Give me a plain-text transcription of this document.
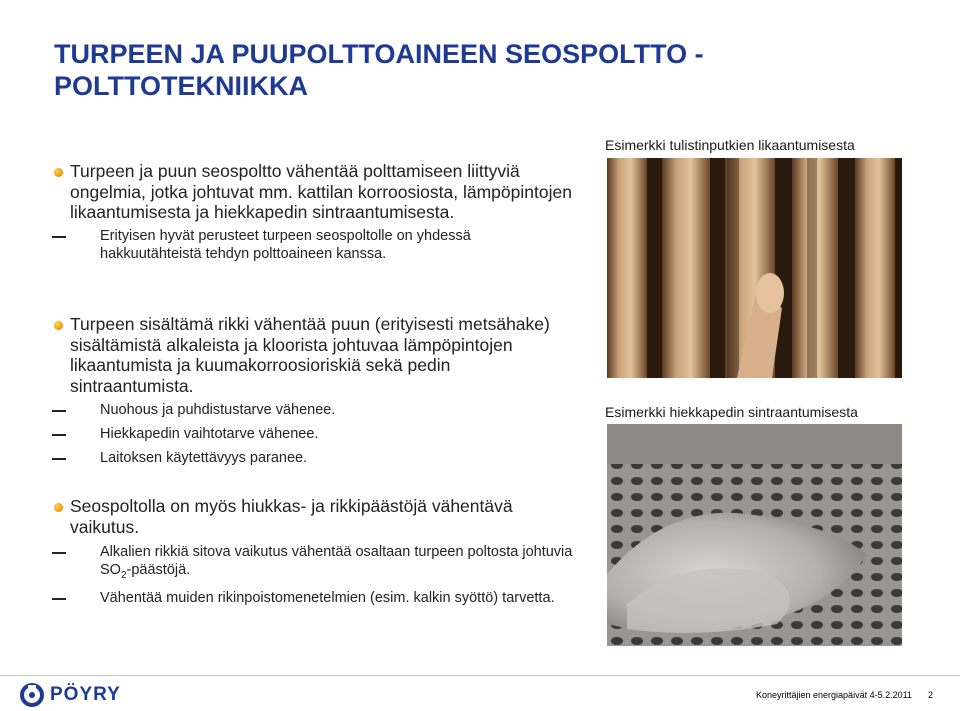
TURPEEN JA PUUPOLTTOAINEEN SEOSPOLTTO - POLTTOTEKNIIKKA
Turpeen ja puun seospoltto vähentää polttamiseen liittyviä ongelmia, jotka johtuvat mm. kattilan korroosiosta, lämpöpintojen likaantumisesta ja hiekkapedin sintraantumisesta.
Erityisen hyvät perusteet turpeen seospoltolle on yhdessä hakkuutähteistä tehdyn polttoaineen kanssa.
Turpeen sisältämä rikki vähentää puun (erityisesti metsähake) sisältämistä alkaleista ja kloorista johtuvaa lämpöpintojen likaantumista ja kuumakorroosioriskiä sekä pedin sintraantumista.
Nuohous ja puhdistustarve vähenee.
Hiekkapedin vaihtotarve vähenee.
Laitoksen käytettävyys paranee.
Seospoltolla on myös hiukkas- ja rikkipäästöjä vähentävä vaikutus.
Alkalien rikkiä sitova vaikutus vähentää osaltaan turpeen poltosta johtuvia $SO_2$-päästöjä.
Vähentää muiden rikinpoistomenetelmien (esim. kalkin syöttö) tarvetta.
Esimerkki tulistinputkien likaantumisesta
Esimerkki hiekkapedin sintraantumisesta
PÖYRY	Koneyrittäjien energiapäivät 4-5.2.2011 2
